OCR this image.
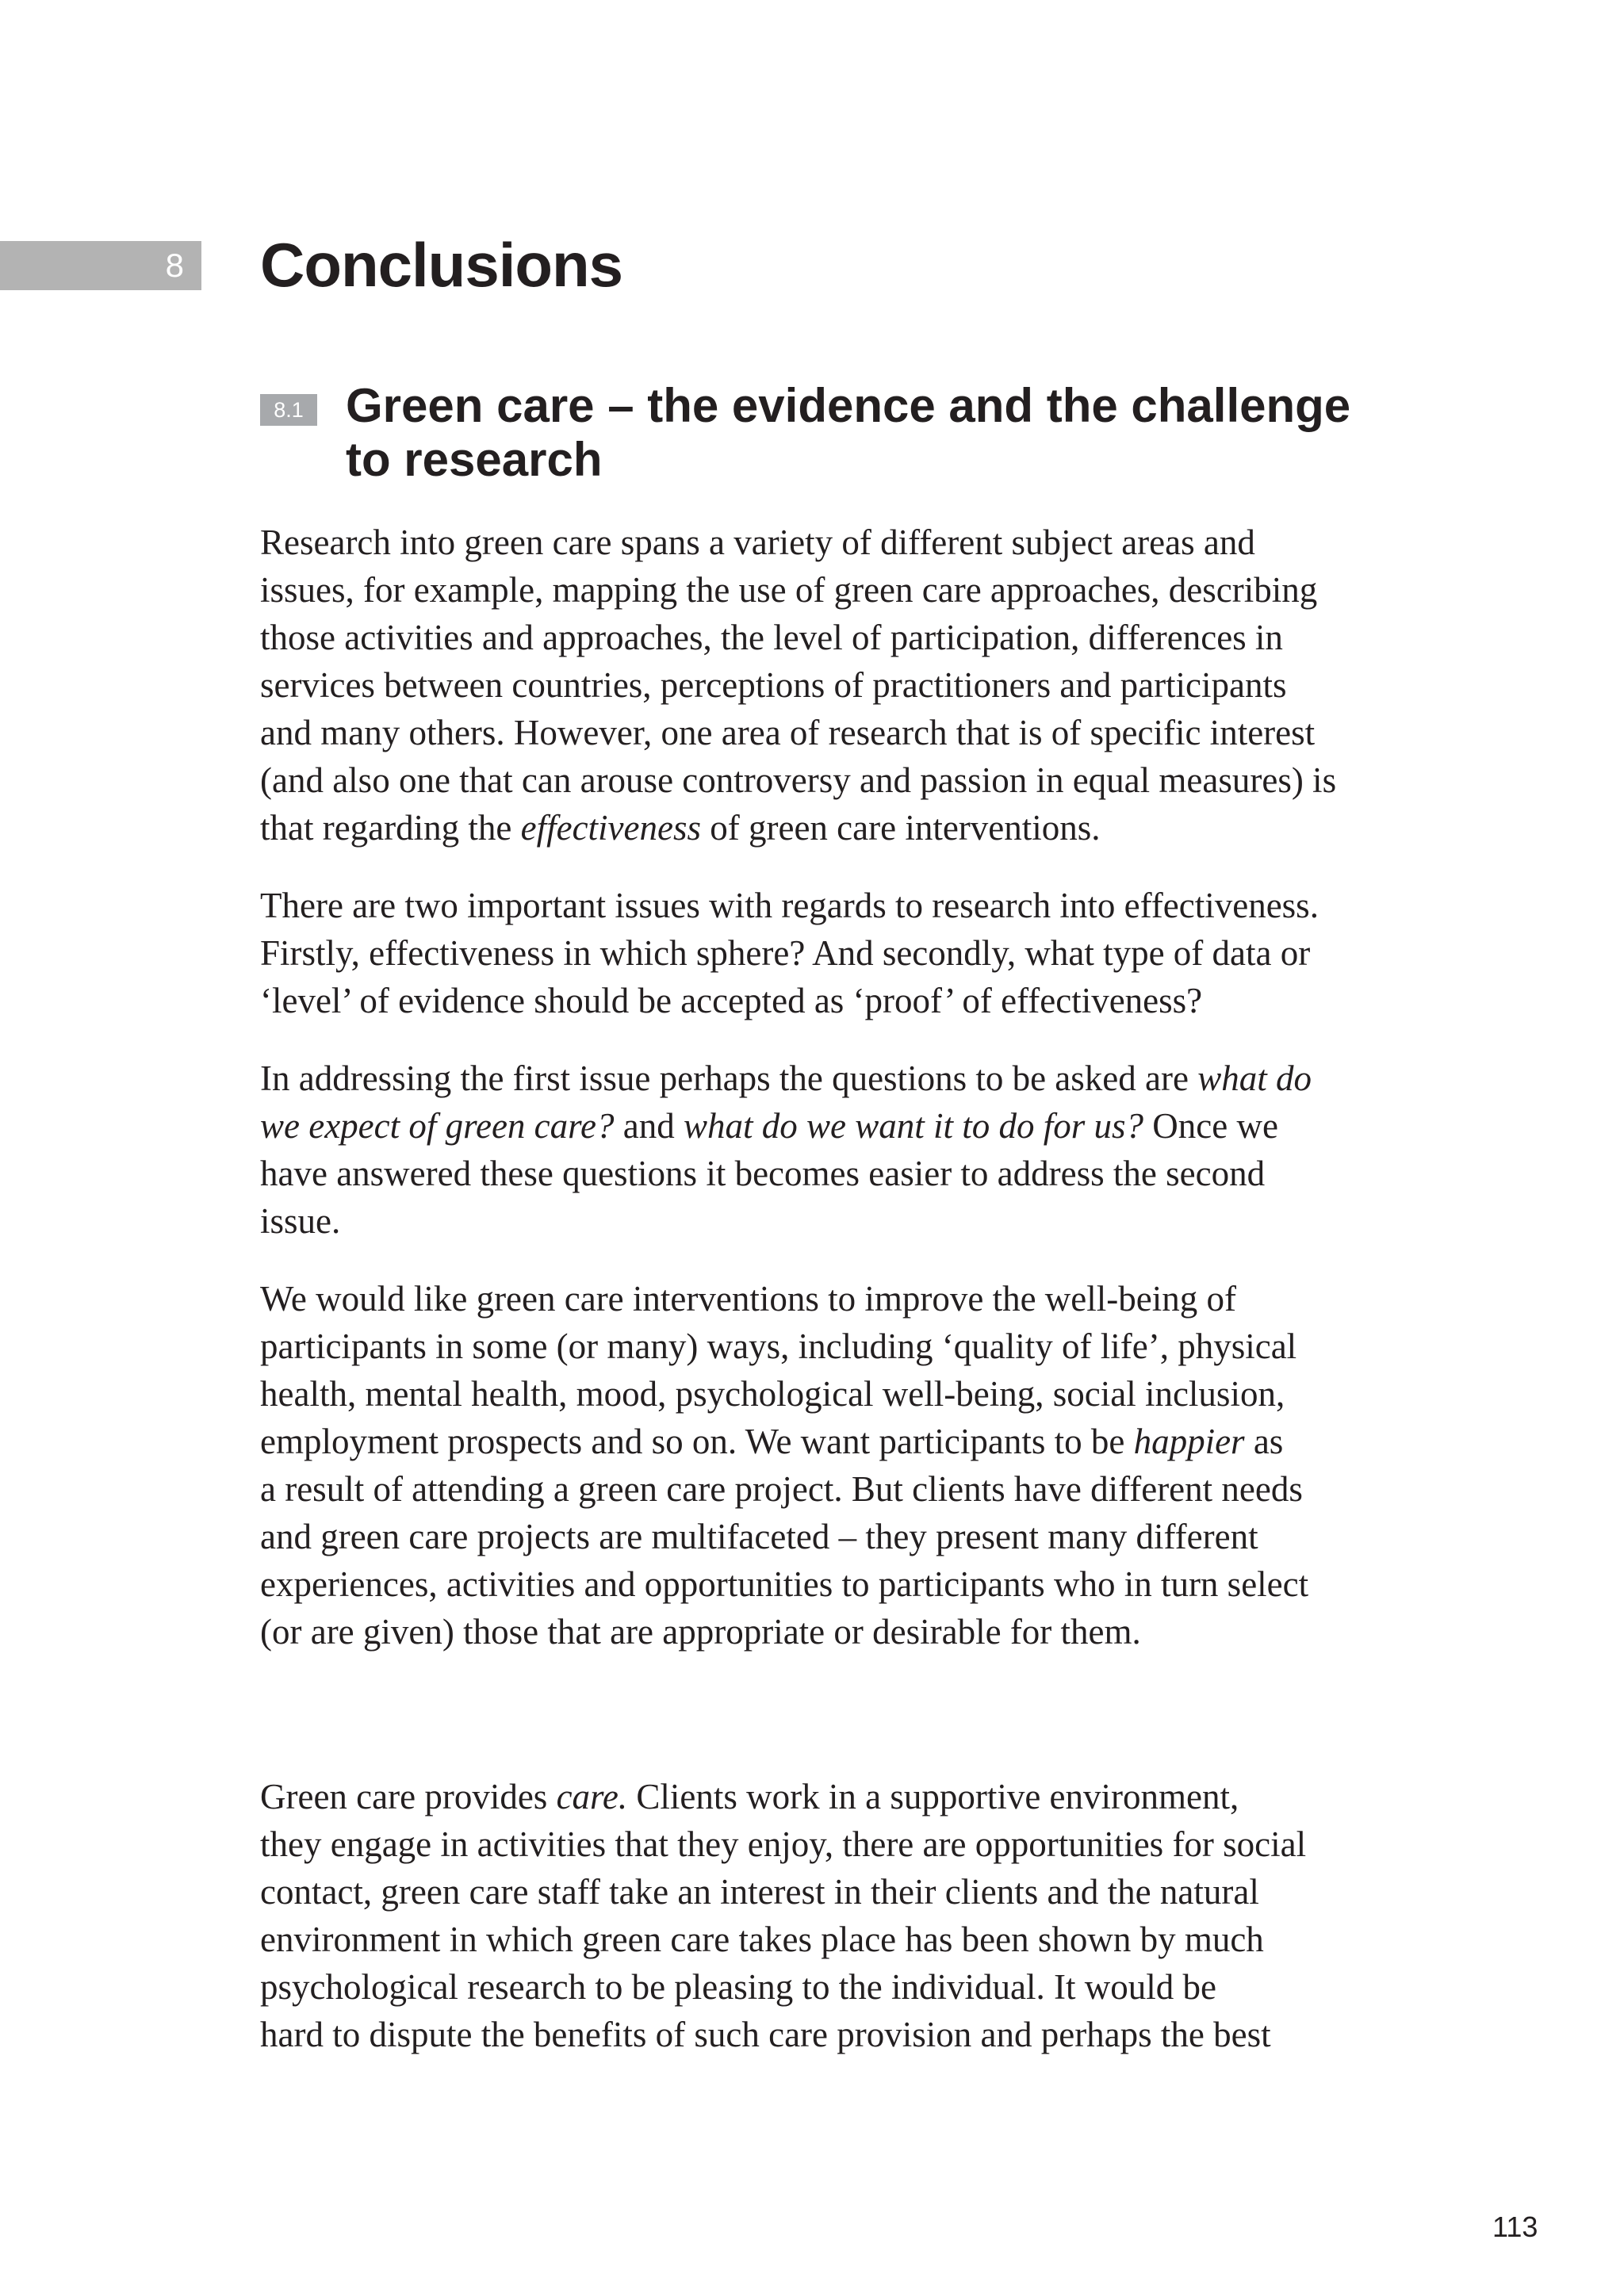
8 Conclusions
8.1 Green care – the evidence and the challenge
to research

Research into green care spans a variety of different subject areas and
issues, for example, mapping the use of green care approaches, describing
those activities and approaches, the level of participation, differences in
services between countries, perceptions of practitioners and participants
and many others. However, one area of research that is of specific interest
(and also one that can arouse controversy and passion in equal measures) is
that regarding the effectiveness of green care interventions.

There are two important issues with regards to research into effectiveness.
Firstly, effectiveness in which sphere? And secondly, what type of data or
‘level’ of evidence should be accepted as ‘proof’ of effectiveness?

In addressing the first issue perhaps the questions to be asked are what do
we expect of green care? and what do we want it to do for us? Once we
have answered these questions it becomes easier to address the second
issue.

We would like green care interventions to improve the well-being of
participants in some (or many) ways, including ‘quality of life’, physical
health, mental health, mood, psychological well-being, social inclusion,
employment prospects and so on. We want participants to be happier as
a result of attending a green care project. But clients have different needs
and green care projects are multifaceted – they present many different
experiences, activities and opportunities to participants who in turn select
(or are given) those that are appropriate or desirable for them.

Green care provides care. Clients work in a supportive environment,
they engage in activities that they enjoy, there are opportunities for social
contact, green care staff take an interest in their clients and the natural
environment in which green care takes place has been shown by much
psychological research to be pleasing to the individual. It would be
hard to dispute the benefits of such care provision and perhaps the best

113
